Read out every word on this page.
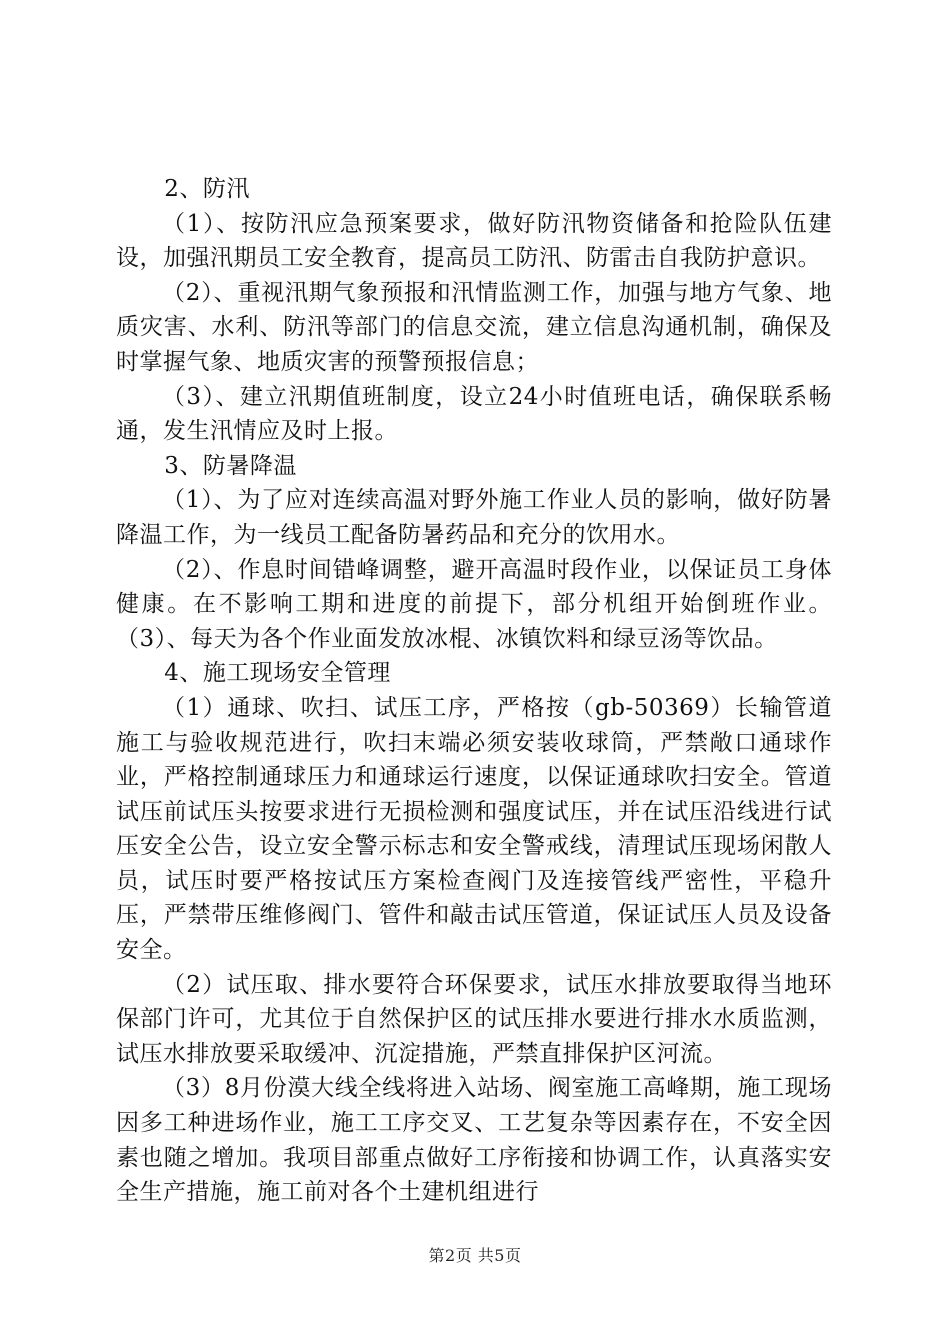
2、防汛

（1）、按防汛应急预案要求，做好防汛物资储备和抢险队伍建设，加强汛期员工安全教育，提高员工防汛、防雷击自我防护意识。

（2）、重视汛期气象预报和汛情监测工作，加强与地方气象、地质灾害、水利、防汛等部门的信息交流，建立信息沟通机制，确保及时掌握气象、地质灾害的预警预报信息；

（3）、建立汛期值班制度，设立24小时值班电话，确保联系畅通，发生汛情应及时上报。

3、防暑降温

（1）、为了应对连续高温对野外施工作业人员的影响，做好防暑降温工作，为一线员工配备防暑药品和充分的饮用水。

（2）、作息时间错峰调整，避开高温时段作业，以保证员工身体健康。在不影响工期和进度的前提下，部分机组开始倒班作业。（3）、每天为各个作业面发放冰棍、冰镇饮料和绿豆汤等饮品。

4、施工现场安全管理

（1）通球、吹扫、试压工序，严格按（gb-50369）长输管道施工与验收规范进行，吹扫末端必须安装收球筒，严禁敞口通球作业，严格控制通球压力和通球运行速度，以保证通球吹扫安全。管道试压前试压头按要求进行无损检测和强度试压，并在试压沿线进行试压安全公告，设立安全警示标志和安全警戒线，清理试压现场闲散人员，试压时要严格按试压方案检查阀门及连接管线严密性，平稳升压，严禁带压维修阀门、管件和敲击试压管道，保证试压人员及设备安全。

（2）试压取、排水要符合环保要求，试压水排放要取得当地环保部门许可，尤其位于自然保护区的试压排水要进行排水水质监测，试压水排放要采取缓冲、沉淀措施，严禁直排保护区河流。

（3）8月份漠大线全线将进入站场、阀室施工高峰期，施工现场因多工种进场作业，施工工序交叉、工艺复杂等因素存在，不安全因素也随之增加。我项目部重点做好工序衔接和协调工作，认真落实安全生产措施，施工前对各个土建机组进行

第2页 共5页
